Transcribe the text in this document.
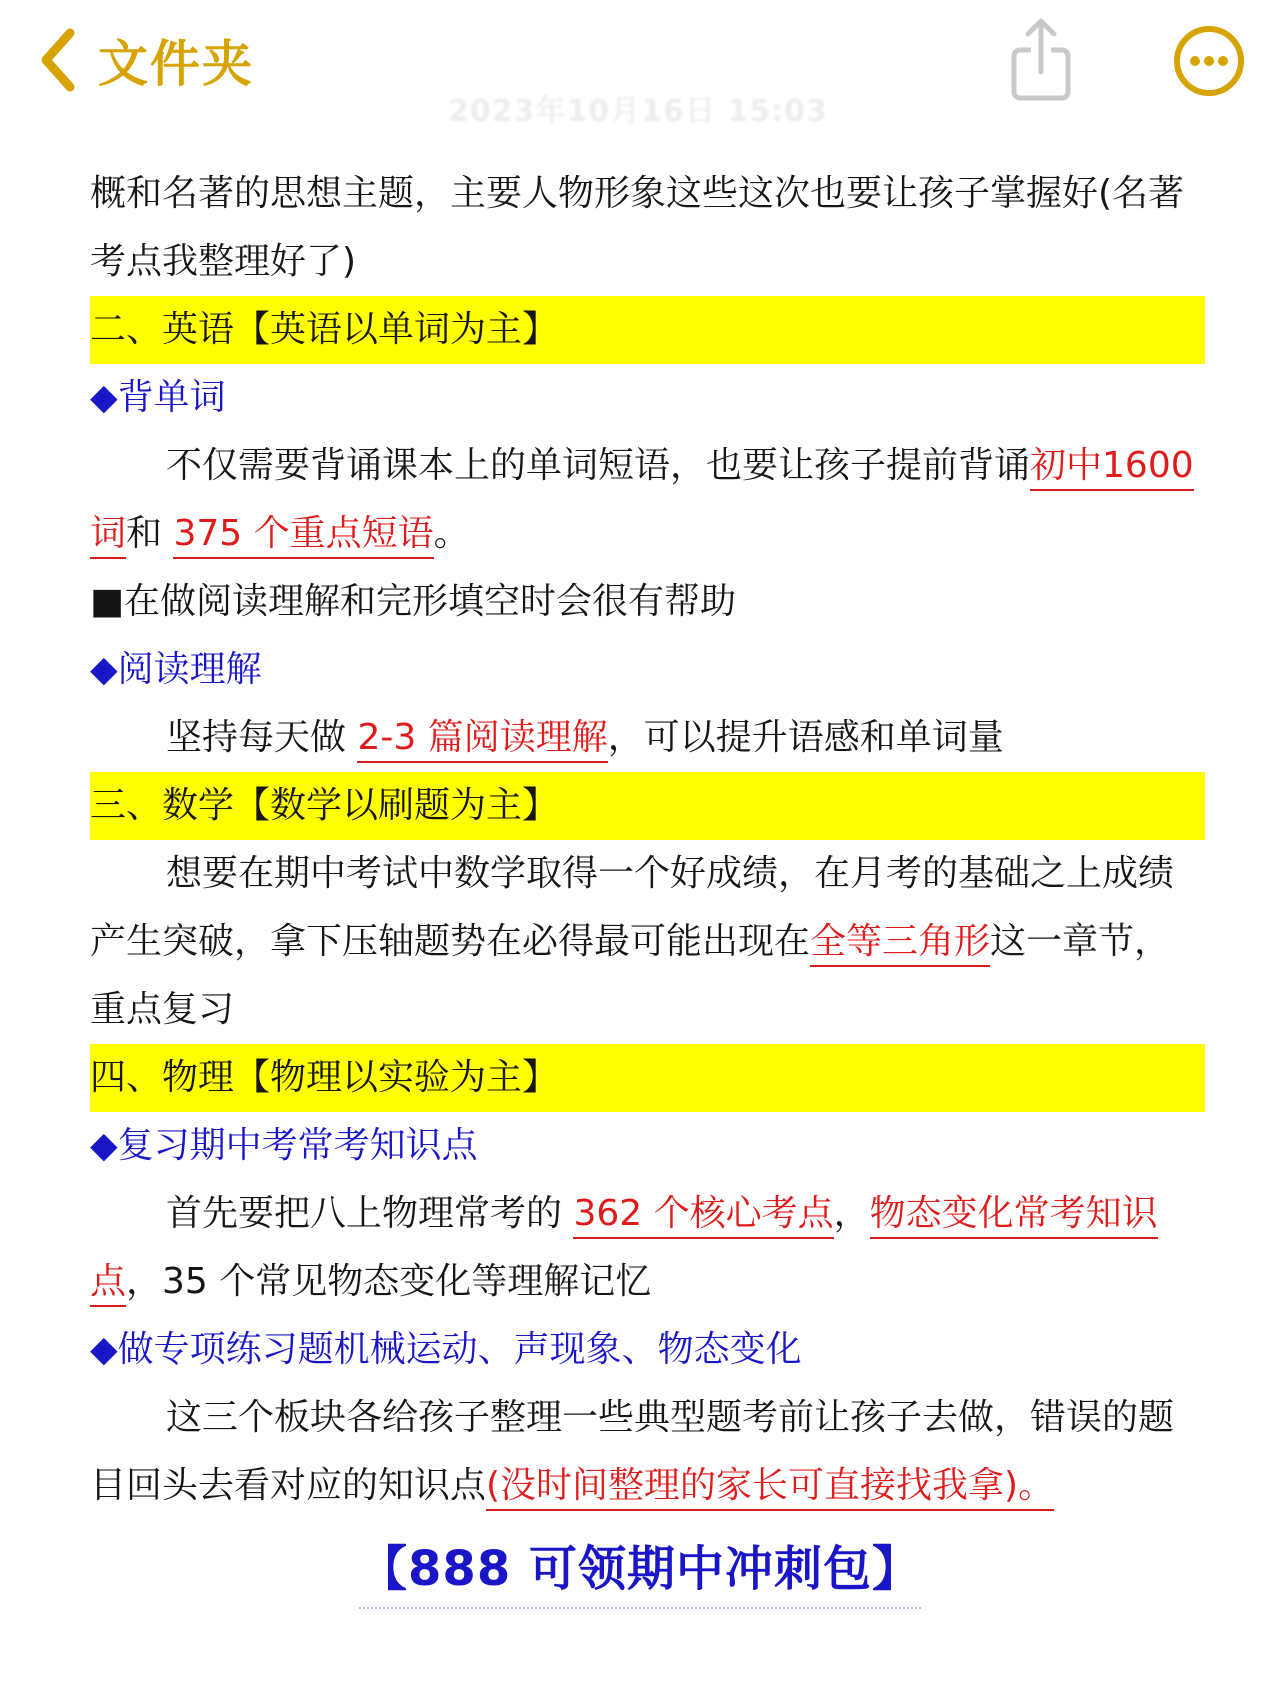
文件夹
2023年10月16日 15:03

概和名著的思想主题，主要人物形象这些这次也要让孩子掌握好(名著考点我整理好了)

二、英语【英语以单词为主】
◆背单词

不仅需要背诵课本上的单词短语，也要让孩子提前背诵初中1600 词和 375 个重点短语。

■在做阅读理解和完形填空时会很有帮助

◆阅读理解

坚持每天做 2-3 篇阅读理解，可以提升语感和单词量

三、数学【数学以刷题为主】

想要在期中考试中数学取得一个好成绩，在月考的基础之上成绩产生突破，拿下压轴题势在必得最可能出现在全等三角形这一章节，重点复习

四、物理【物理以实验为主】
◆复习期中考常考知识点

首先要把八上物理常考的 362 个核心考点，物态变化常考知识点，35 个常见物态变化等理解记忆

◆做专项练习题机械运动、声现象、物态变化

这三个板块各给孩子整理一些典型题考前让孩子去做，错误的题目回头去看对应的知识点(没时间整理的家长可直接找我拿)。

【888 可领期中冲刺包】
